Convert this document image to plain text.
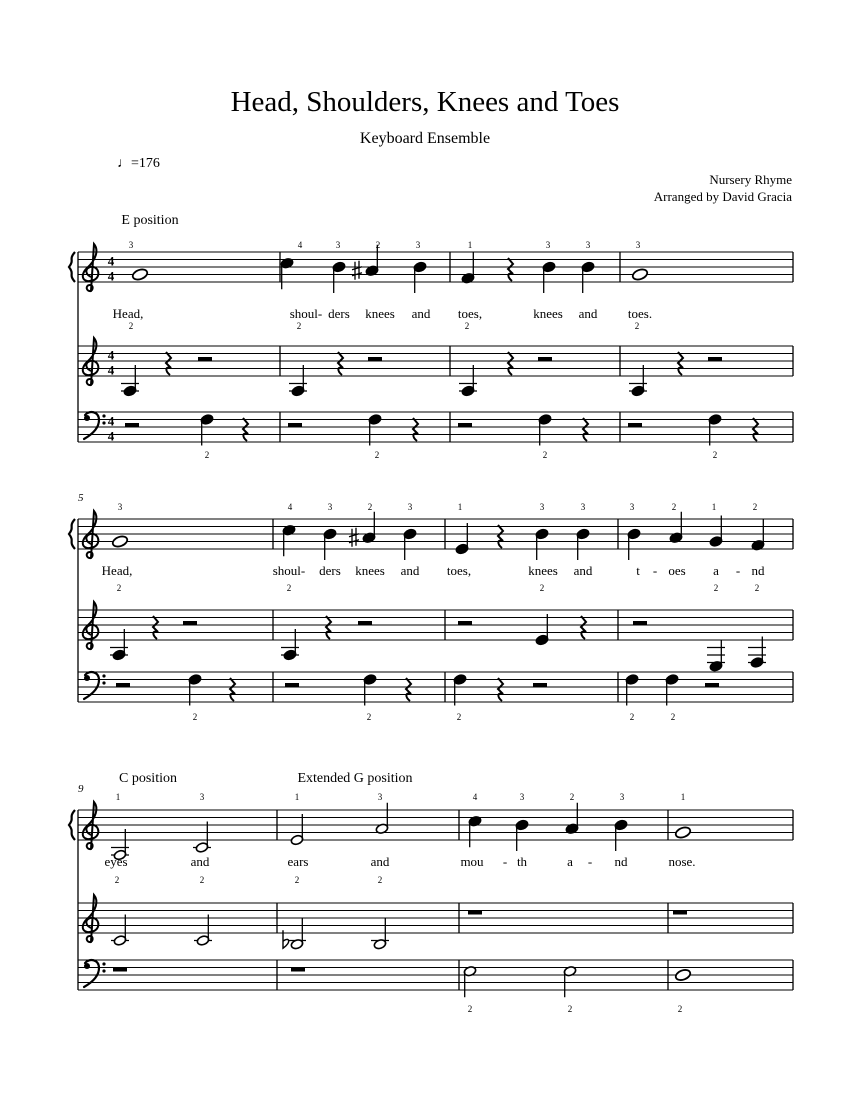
Head, Shoulders, Knees and Toes
Keyboard Ensemble
♩=176
Nursery Rhyme
Arranged by David Gracia
4
4
4
4
4
4
E position
Head,	shoul- ders knees and toes,	knees and toes.
3	4	3	2	3	1	3	3	3
2	2	2	2
2	2	2	2
5
Head,	shoul- ders knees and toes,	knees and	t - oes a - nd
3	4	3	2	3	1	3	3	3	2	1	2
2	2	2	2	2
2	2	2	2	2
9
C position	Extended G position
eyes	and	ears	and	mou - th	a - nd	nose.
1	3	1	3	4	3	2	3	1
2	2	2	2
2	2	2
